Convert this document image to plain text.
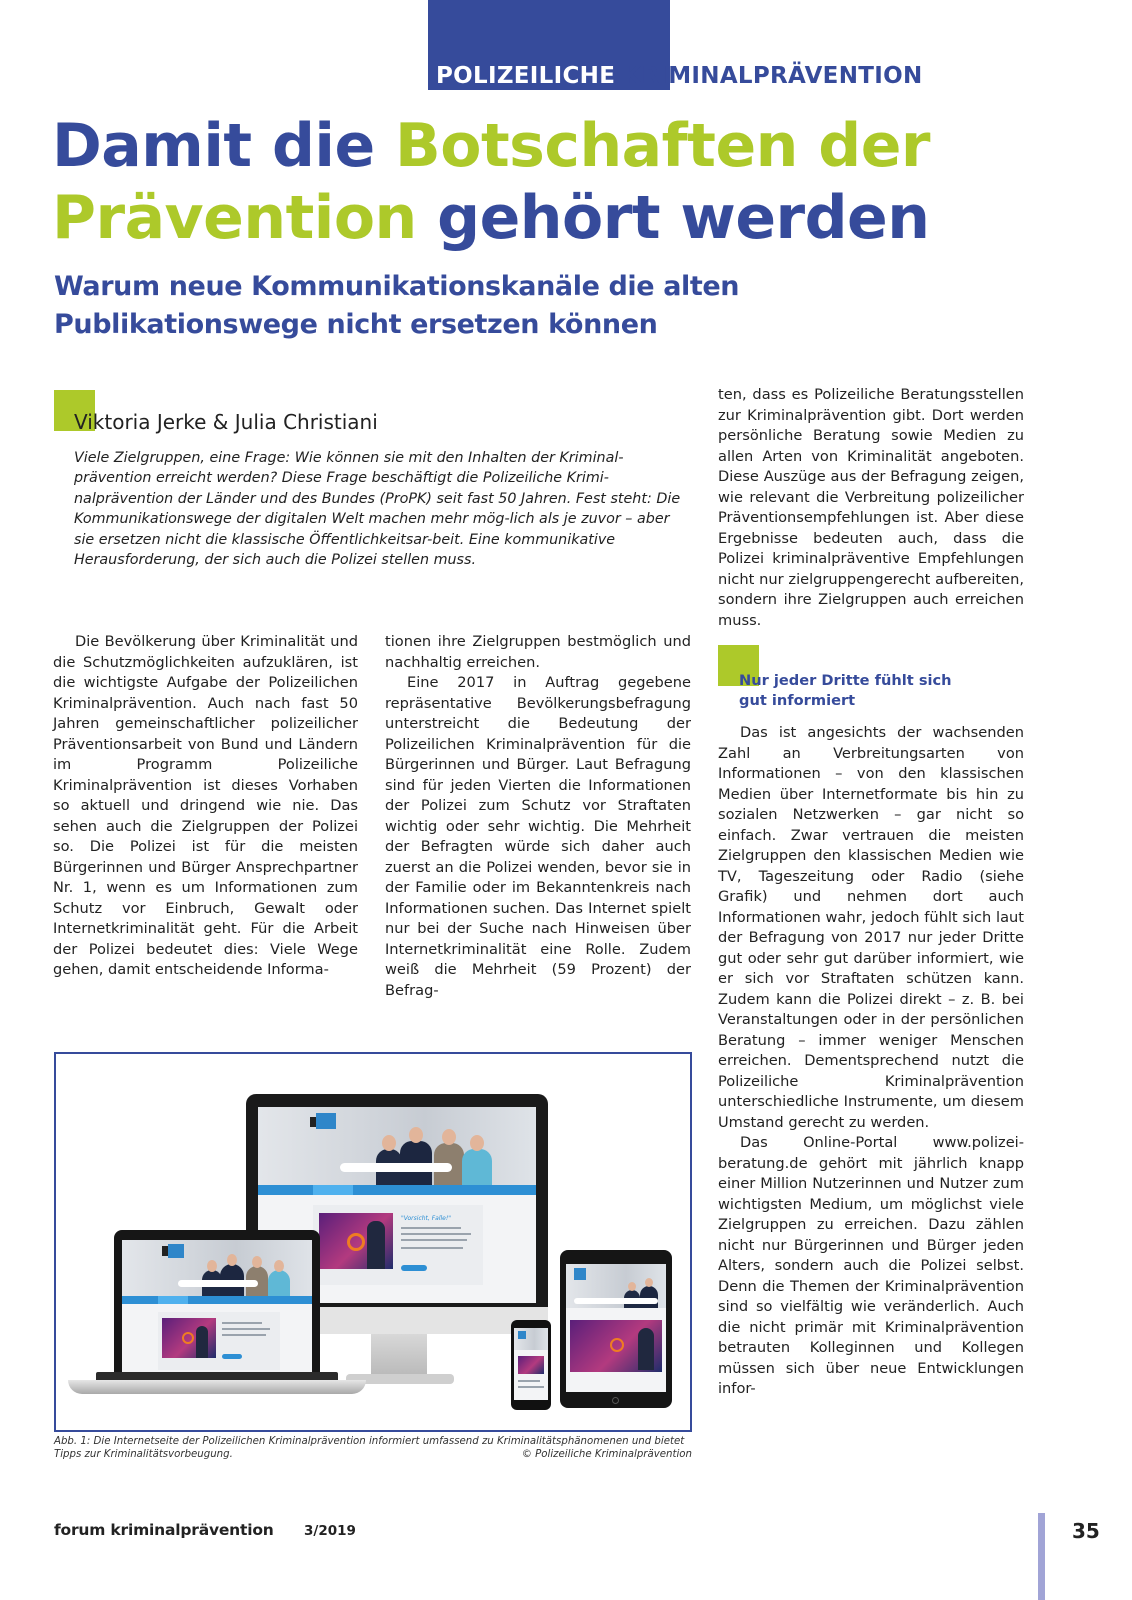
POLIZEILICHE KRIMINALPRÄVENTION
Damit die Botschaften der
Prävention gehört werden
Warum neue Kommunikationskanäle die alten
Publikationswege nicht ersetzen können
Viktoria Jerke & Julia Christiani

Viele Zielgruppen, eine Frage: Wie können sie mit den Inhalten der Kriminal-prävention erreicht werden? Diese Frage beschäftigt die Polizeiliche Krimi-nalprävention der Länder und des Bundes (ProPK) seit fast 50 Jahren. Fest steht: Die Kommunikationswege der digitalen Welt machen mehr mög-lich als je zuvor – aber sie ersetzen nicht die klassische Öffentlichkeitsar-beit. Eine kommunikative Herausforderung, der sich auch die Polizei stellen muss.

Die Bevölkerung über Kriminalität und die Schutzmöglichkeiten aufzuklären, ist die wichtigste Aufgabe der Polizeilichen Kriminalprävention. Auch nach fast 50 Jahren gemeinschaftlicher polizeilicher Präventionsarbeit von Bund und Ländern im Programm Polizeiliche Kriminalprävention ist dieses Vorhaben so aktuell und dringend wie nie. Das sehen auch die Zielgruppen der Polizei so. Die Polizei ist für die meisten Bürgerinnen und Bürger Ansprechpartner Nr. 1, wenn es um Informationen zum Schutz vor Einbruch, Gewalt oder Internetkriminalität geht. Für die Arbeit der Polizei bedeutet dies: Viele Wege gehen, damit entscheidende Informa-

tionen ihre Zielgruppen bestmöglich und nachhaltig erreichen.

Eine 2017 in Auftrag gegebene repräsentative Bevölkerungsbefragung unterstreicht die Bedeutung der Polizeilichen Kriminalprävention für die Bürgerinnen und Bürger. Laut Befragung sind für jeden Vierten die Informationen der Polizei zum Schutz vor Straftaten wichtig oder sehr wichtig. Die Mehrheit der Befragten würde sich daher auch zuerst an die Polizei wenden, bevor sie in der Familie oder im Bekanntenkreis nach Informationen suchen. Das Internet spielt nur bei der Suche nach Hinweisen über Internetkriminalität eine Rolle. Zudem weiß die Mehrheit (59 Prozent) der Befrag-

ten, dass es Polizeiliche Beratungsstellen zur Kriminalprävention gibt. Dort werden persönliche Beratung sowie Medien zu allen Arten von Kriminalität angeboten. Diese Auszüge aus der Befragung zeigen, wie relevant die Verbreitung polizeilicher Präventionsempfehlungen ist. Aber diese Ergebnisse bedeuten auch, dass die Polizei kriminalpräventive Empfehlungen nicht nur zielgruppengerecht aufbereiten, sondern ihre Zielgruppen auch erreichen muss.

Nur jeder Dritte fühlt sich
gut informiert

Das ist angesichts der wachsenden Zahl an Verbreitungsarten von Informationen – von den klassischen Medien über Internetformate bis hin zu sozialen Netzwerken – gar nicht so einfach. Zwar vertrauen die meisten Zielgruppen den klassischen Medien wie TV, Tageszeitung oder Radio (siehe Grafik) und nehmen dort auch Informationen wahr, jedoch fühlt sich laut der Befragung von 2017 nur jeder Dritte gut oder sehr gut darüber informiert, wie er sich vor Straftaten schützen kann. Zudem kann die Polizei direkt – z. B. bei Veranstaltungen oder in der persönlichen Beratung – immer weniger Menschen erreichen. Dementsprechend nutzt die Polizeiliche Kriminalprävention unterschiedliche Instrumente, um diesem Umstand gerecht zu werden.

Das Online-Portal www.polizei-beratung.de gehört mit jährlich knapp einer Million Nutzerinnen und Nutzer zum wichtigsten Medium, um möglichst viele Zielgruppen zu erreichen. Dazu zählen nicht nur Bürgerinnen und Bürger jeden Alters, sondern auch die Polizei selbst. Denn die Themen der Kriminalprävention sind so vielfältig wie veränderlich. Auch die nicht primär mit Kriminalprävention betrauten Kolleginnen und Kollegen müssen sich über neue Entwicklungen infor-

"Vorsicht, Falle!"
Abb. 1: Die Internetseite der Polizeilichen Kriminalprävention informiert umfassend zu Kriminalitätsphänomenen und bietet Tipps zur Kriminalitätsvorbeugung.	© Polizeiliche Kriminalprävention
forum kriminalprävention 3/2019	35
